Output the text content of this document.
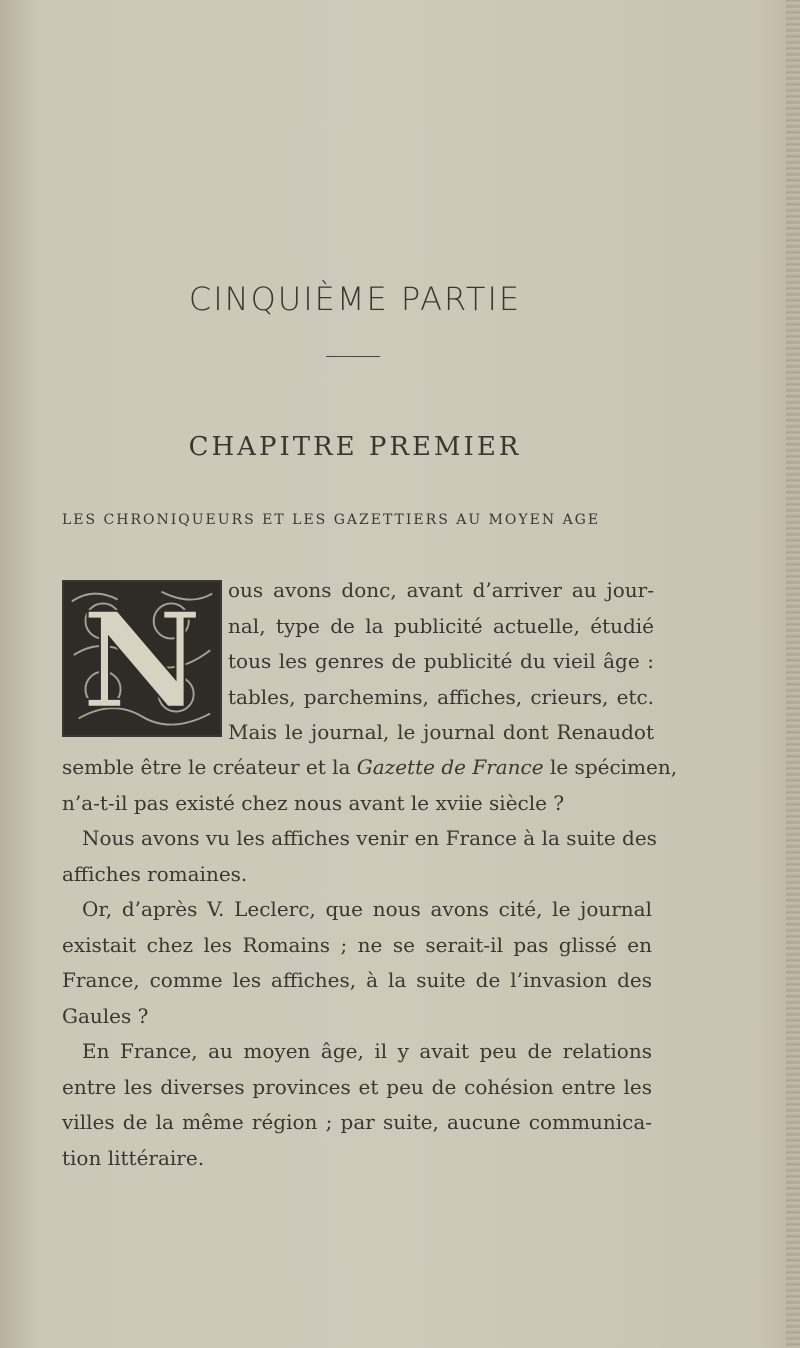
CINQUIÈME PARTIE
CHAPITRE PREMIER
LES CHRONIQUEURS ET LES GAZETTIERS AU MOYEN AGE
N ous avons donc, avant d’arriver au jour-
nal, type de la publicité actuelle, étudié
tous les genres de publicité du vieil âge :
tables, parchemins, affiches, crieurs, etc.
Mais le journal, le journal dont Renaudot
semble être le créateur et la Gazette de France le spécimen,
n’a-t-il pas existé chez nous avant le xviie siècle ?
Nous avons vu les affiches venir en France à la suite des
affiches romaines.
Or, d’après V. Leclerc, que nous avons cité, le journal
existait chez les Romains ; ne se serait-il pas glissé en
France, comme les affiches, à la suite de l’invasion des
Gaules ?
En France, au moyen âge, il y avait peu de relations
entre les diverses provinces et peu de cohésion entre les
villes de la même région ; par suite, aucune communica-
tion littéraire.
